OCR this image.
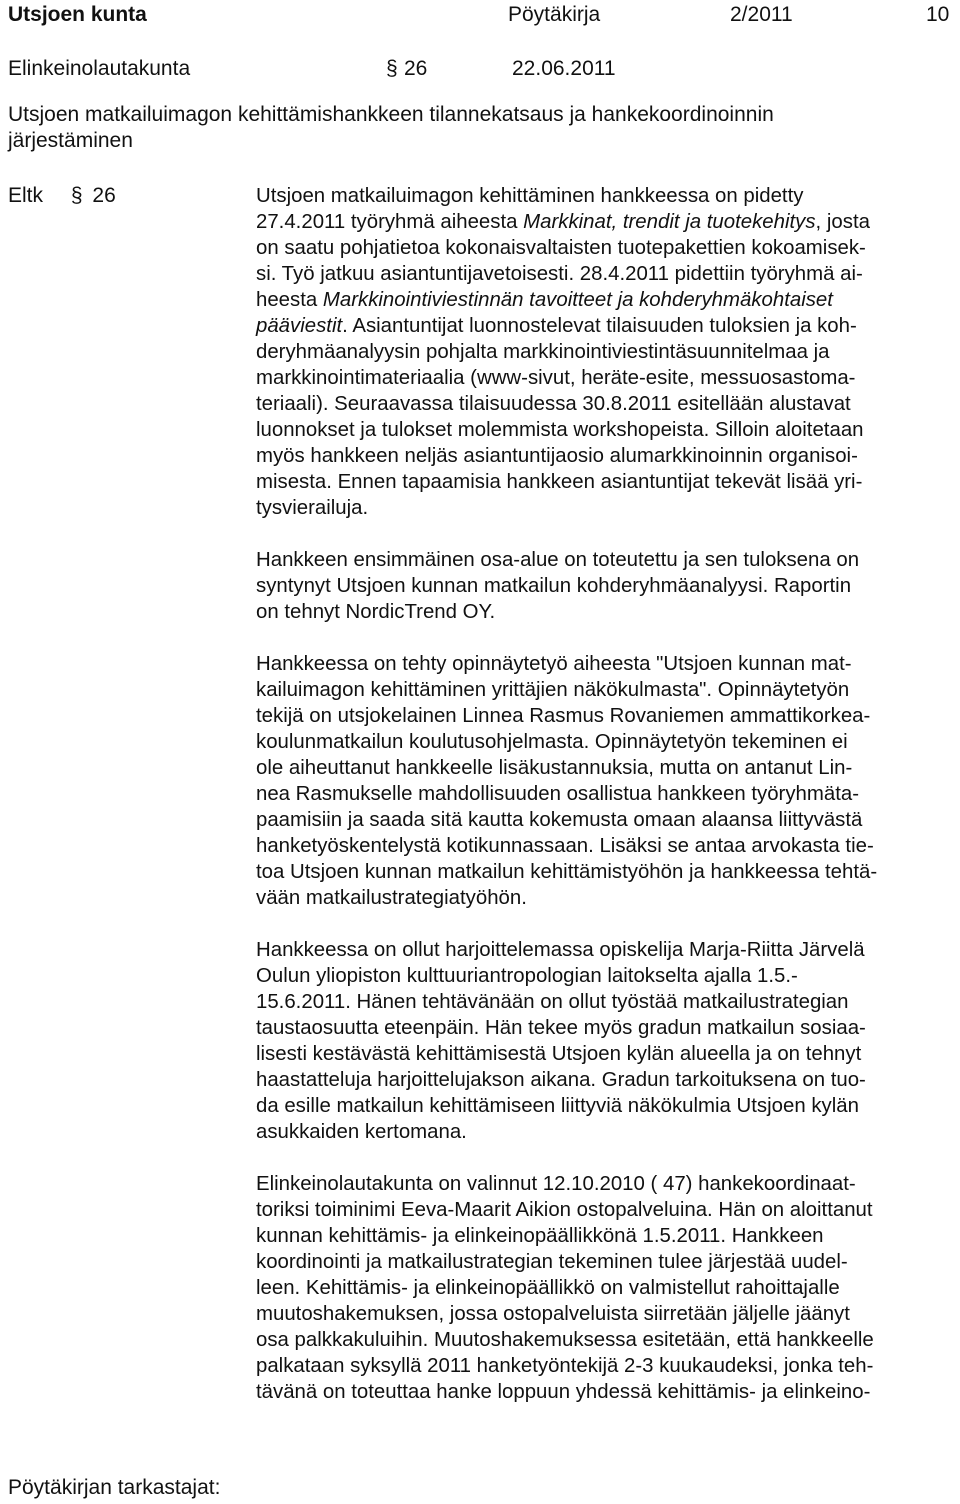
Utsjoen kunta	Pöytäkirja	2/2011	10
Elinkeinolautakunta	§ 26	22.06.2011
Utsjoen matkailuimagon kehittämishankkeen tilannekatsaus ja hankekoordinoinnin
järjestäminen
Eltk § 26	Utsjoen matkailuimagon kehittäminen hankkeessa on pidetty
27.4.2011 työryhmä aiheesta Markkinat, trendit ja tuotekehitys, josta
on saatu pohjatietoa kokonaisvaltaisten tuotepakettien kokoamisek-
si. Työ jatkuu asiantuntijavetoisesti. 28.4.2011 pidettiin työryhmä ai-
heesta Markkinointiviestinnän tavoitteet ja kohderyhmäkohtaiset
pääviestit. Asiantuntijat luonnostelevat tilaisuuden tuloksien ja koh-
deryhmäanalyysin pohjalta markkinointiviestintäsuunnitelmaa ja
markkinointimateriaalia (www-sivut, heräte-esite, messuosastoma-
teriaali). Seuraavassa tilaisuudessa 30.8.2011 esitellään alustavat
luonnokset ja tulokset molemmista workshopeista. Silloin aloitetaan
myös hankkeen neljäs asiantuntijaosio alumarkkinoinnin organisoi-
misesta. Ennen tapaamisia hankkeen asiantuntijat tekevät lisää yri-
tysvierailuja.
Hankkeen ensimmäinen osa-alue on toteutettu ja sen tuloksena on
syntynyt Utsjoen kunnan matkailun kohderyhmäanalyysi. Raportin
on tehnyt NordicTrend OY.
Hankkeessa on tehty opinnäytetyö aiheesta "Utsjoen kunnan mat-
kailuimagon kehittäminen yrittäjien näkökulmasta". Opinnäytetyön
tekijä on utsjokelainen Linnea Rasmus Rovaniemen ammattikorkea-
koulunmatkailun koulutusohjelmasta. Opinnäytetyön tekeminen ei
ole aiheuttanut hankkeelle lisäkustannuksia, mutta on antanut Lin-
nea Rasmukselle mahdollisuuden osallistua hankkeen työryhmäta-
paamisiin ja saada sitä kautta kokemusta omaan alaansa liittyvästä
hanketyöskentelystä kotikunnassaan. Lisäksi se antaa arvokasta tie-
toa Utsjoen kunnan matkailun kehittämistyöhön ja hankkeessa tehtä-
vään matkailustrategiatyöhön.
Hankkeessa on ollut harjoittelemassa opiskelija Marja-Riitta Järvelä
Oulun yliopiston kulttuuriantropologian laitokselta ajalla 1.5.-
15.6.2011. Hänen tehtävänään on ollut työstää matkailustrategian
taustaosuutta eteenpäin. Hän tekee myös gradun matkailun sosiaa-
lisesti kestävästä kehittämisestä Utsjoen kylän alueella ja on tehnyt
haastatteluja harjoittelujakson aikana. Gradun tarkoituksena on tuo-
da esille matkailun kehittämiseen liittyviä näkökulmia Utsjoen kylän
asukkaiden kertomana.
Elinkeinolautakunta on valinnut 12.10.2010 ( 47) hankekoordinaat-
toriksi toiminimi Eeva-Maarit Aikion ostopalveluina. Hän on aloittanut
kunnan kehittämis- ja elinkeinopäällikkönä 1.5.2011. Hankkeen
koordinointi ja matkailustrategian tekeminen tulee järjestää uudel-
leen. Kehittämis- ja elinkeinopäällikkö on valmistellut rahoittajalle
muutoshakemuksen, jossa ostopalveluista siirretään jäljelle jäänyt
osa palkkakuluihin. Muutoshakemuksessa esitetään, että hankkeelle
palkataan syksyllä 2011 hanketyöntekijä 2-3 kuukaudeksi, jonka teh-
tävänä on toteuttaa hanke loppuun yhdessä kehittämis- ja elinkeino-
Pöytäkirjan tarkastajat:
